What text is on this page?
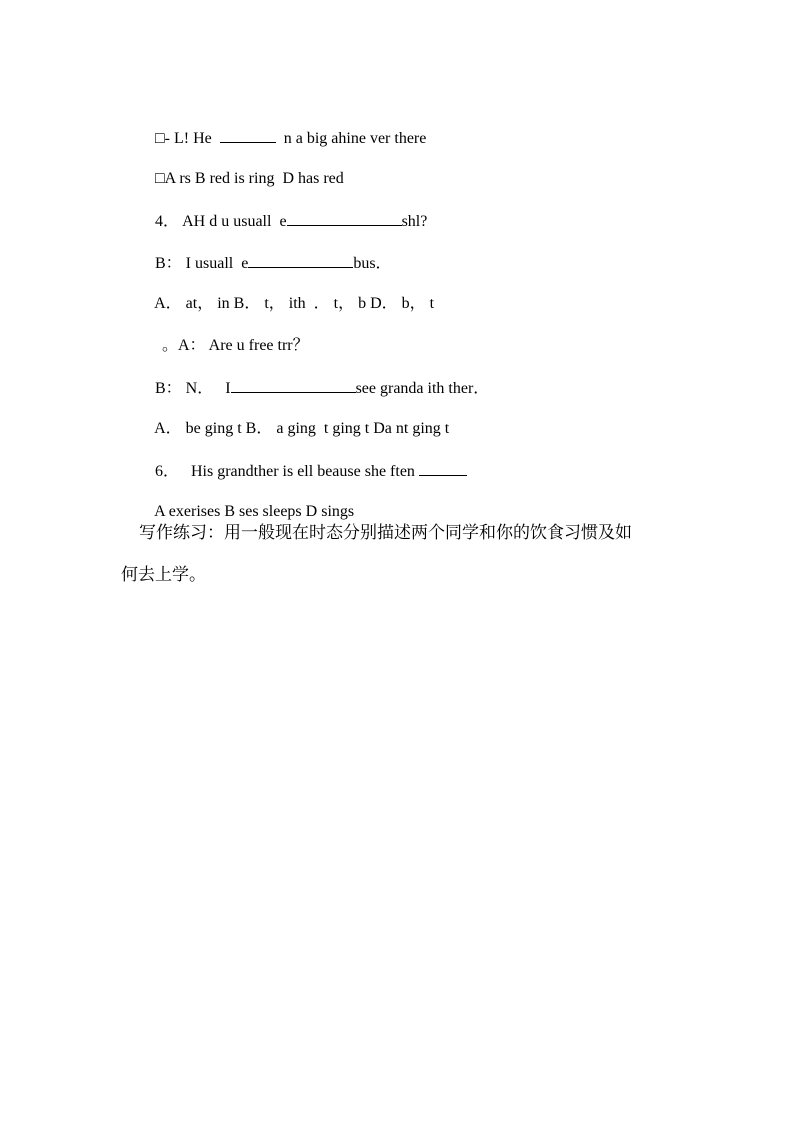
□- L! He	n a big ahine ver there

□A rs B red is ring  D has red

4． AH d u usuall  e	shl?

B： I usuall  e	bus．

A． at， in B． t， ith  ． t， b D． b， t

。A： Are u free trr？

B： N．   I	see granda ith ther．

A． be ging t B． a ging  t ging t Da nt ging t

6．   His grandther is ell beause she ften

A exerises B ses sleeps D sings

写作练习：用一般现在时态分别描述两个同学和你的饮食习惯及如
何去上学。
